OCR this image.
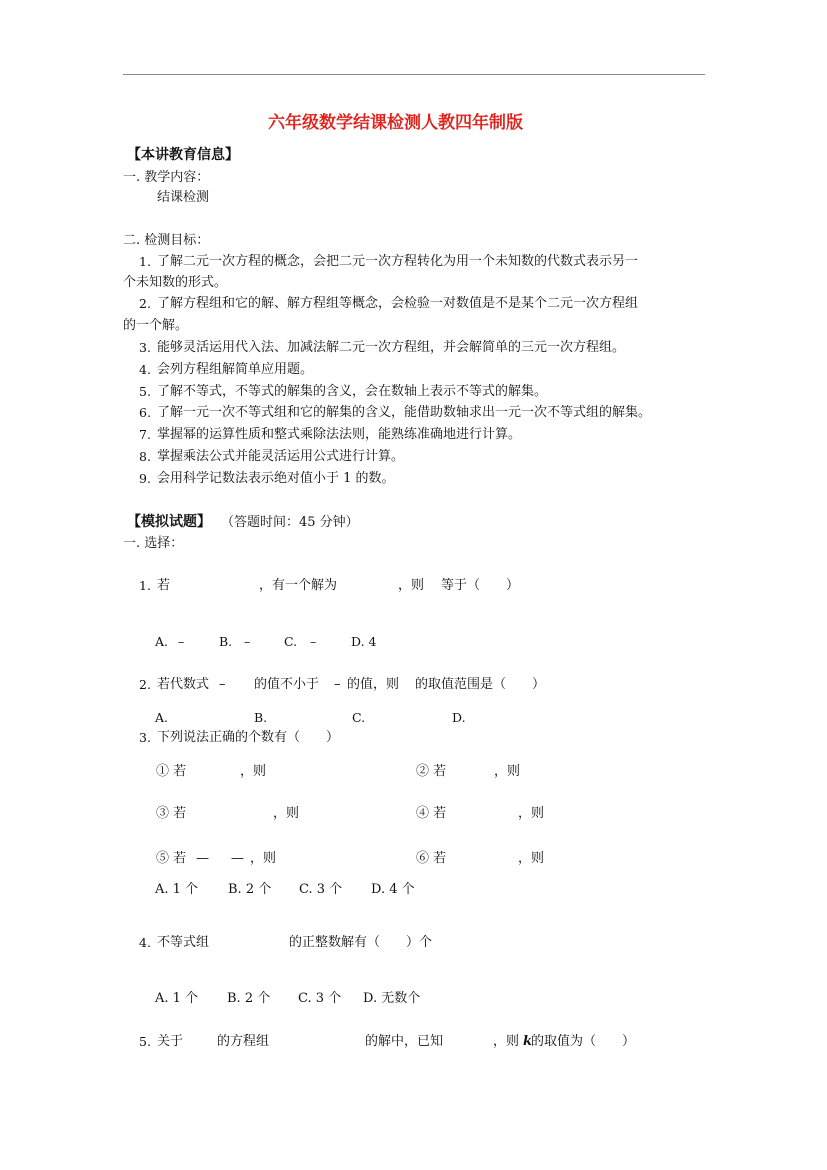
六年级数学结课检测人教四年制版
【本讲教育信息】
一. 教学内容：
结课检测
二. 检测目标：
1. 了解二元一次方程的概念，会把二元一次方程转化为用一个未知数的代数式表示另一
个未知数的形式。
2. 了解方程组和它的解、解方程组等概念，会检验一对数值是不是某个二元一次方程组
的一个解。
3. 能够灵活运用代入法、加减法解二元一次方程组，并会解简单的三元一次方程组。
4. 会列方程组解简单应用题。
5. 了解不等式，不等式的解集的含义，会在数轴上表示不等式的解集。
6. 了解一元一次不等式组和它的解集的含义，能借助数轴求出一元一次不等式组的解集。
7. 掌握幂的运算性质和整式乘除法法则，能熟练准确地进行计算。
8. 掌握乘法公式并能灵活运用公式进行计算。
9. 会用科学记数法表示绝对值小于 1 的数。
【模拟试题】 （答题时间：45 分钟）
一. 选择：
1. 若	，有一个解为	，则 等于（　　）
A. –	B. –	C. –	D. 4
2. 若代数式 – 的值不小于 – 的值，则 的取值范围是（　　）
A.	B.	C.	D.
3. 下列说法正确的个数有（　　）
① 若	，则	② 若	，则
③ 若	，则	④ 若	，则
⑤ 若 — — ，则	⑥ 若	，则
A. 1 个 B. 2 个 C. 3 个 D. 4 个
4. 不等式组	的正整数解有（　　）个
A. 1 个 B. 2 个 C. 3 个 D. 无数个
5. 关于	的方程组	的解中，已知	，则 k
的取值为（　　）
